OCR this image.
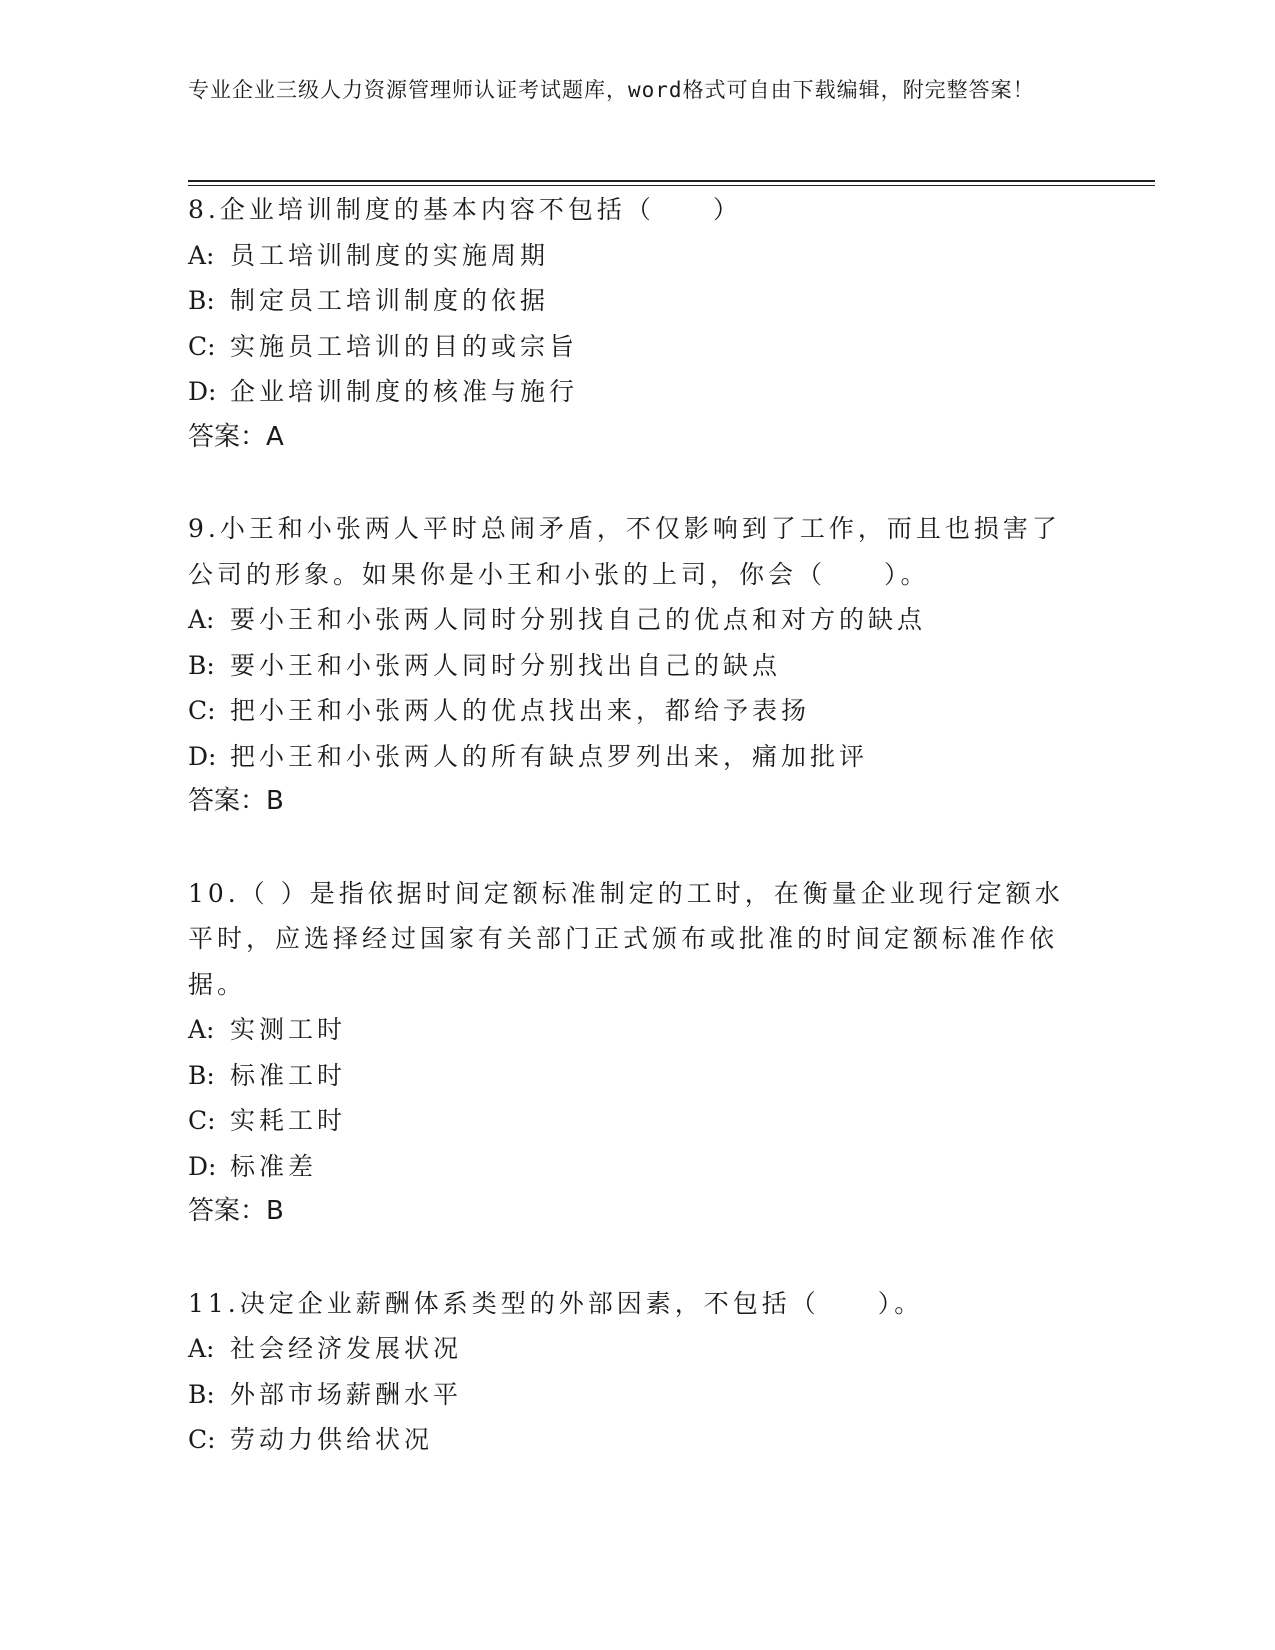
专业企业三级人力资源管理师认证考试题库，word格式可自由下载编辑，附完整答案！
8.企业培训制度的基本内容不包括（　　）
A: 员工培训制度的实施周期
B: 制定员工培训制度的依据
C: 实施员工培训的目的或宗旨
D: 企业培训制度的核准与施行
答案：A
9.小王和小张两人平时总闹矛盾，不仅影响到了工作，而且也损害了公司的形象。如果你是小王和小张的上司，你会（　　）。
A: 要小王和小张两人同时分别找自己的优点和对方的缺点
B: 要小王和小张两人同时分别找出自己的缺点
C: 把小王和小张两人的优点找出来，都给予表扬
D: 把小王和小张两人的所有缺点罗列出来，痛加批评
答案：B
10.（ ）是指依据时间定额标准制定的工时，在衡量企业现行定额水平时，应选择经过国家有关部门正式颁布或批准的时间定额标准作依据。
A: 实测工时
B: 标准工时
C: 实耗工时
D: 标准差
答案：B
11.决定企业薪酬体系类型的外部因素，不包括（　　）。
A: 社会经济发展状况
B: 外部市场薪酬水平
C: 劳动力供给状况
